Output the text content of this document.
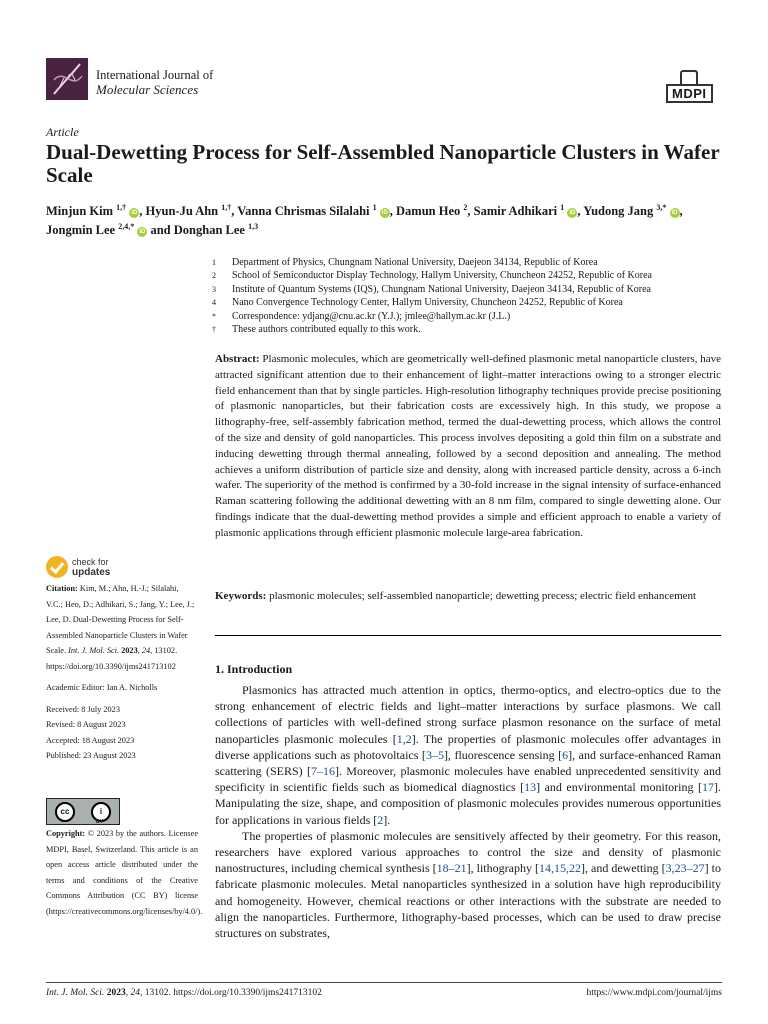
International Journal of
Molecular Sciences	MDPI
Article
Dual-Dewetting Process for Self-Assembled Nanoparticle Clusters in Wafer Scale
Minjun Kim $^{1,\dagger}$ iD , Hyun-Ju Ahn $^{1,\dagger}$, Vanna Chrismas Silalahi $^1$ iD , Damun Heo $^2$, Samir Adhikari $^1$ iD , Yudong Jang $^{3,*}$ iD , Jongmin Lee $^{2,4,*}$ iD and Donghan Lee $^{1,3}$
1	Department of Physics, Chungnam National University, Daejeon 34134, Republic of Korea
2	School of Semiconductor Display Technology, Hallym University, Chuncheon 24252, Republic of Korea
3	Institute of Quantum Systems (IQS), Chungnam National University, Daejeon 34134, Republic of Korea
4	Nano Convergence Technology Center, Hallym University, Chuncheon 24252, Republic of Korea
*	Correspondence: ydjang@cnu.ac.kr (Y.J.); jmlee@hallym.ac.kr (J.L.)
†	These authors contributed equally to this work.
Abstract: Plasmonic molecules, which are geometrically well-defined plasmonic metal nanoparticle clusters, have attracted significant attention due to their enhancement of light–matter interactions owing to a stronger electric field enhancement than that by single particles. High-resolution lithography techniques provide precise positioning of plasmonic nanoparticles, but their fabrication costs are excessively high. In this study, we propose a lithography-free, self-assembly fabrication method, termed the dual-dewetting process, which allows the control of the size and density of gold nanoparticles. This process involves depositing a gold thin film on a substrate and inducing dewetting through thermal annealing, followed by a second deposition and annealing. The method achieves a uniform distribution of particle size and density, along with increased particle density, across a 6-inch wafer. The superiority of the method is confirmed by a 30-fold increase in the signal intensity of surface-enhanced Raman scattering following the additional dewetting with an 8 nm film, compared to single dewetting alone. Our findings indicate that the dual-dewetting method provides a simple and efficient approach to enable a variety of plasmonic applications through efficient plasmonic molecule large-area fabrication.
Keywords: plasmonic molecules; self-assembled nanoparticle; dewetting precess; electric field enhancement
1. Introduction

Plasmonics has attracted much attention in optics, thermo-optics, and electro-optics due to the strong enhancement of electric fields and light–matter interactions by surface plasmons. We call collections of particles with well-defined strong surface plasmon resonance on the surface of metal nanoparticles plasmonic molecules [1,2]. The properties of plasmonic molecules offer advantages in diverse applications such as photovoltaics [3–5], fluorescence sensing [6], and surface-enhanced Raman scattering (SERS) [7–16]. Moreover, plasmonic molecules have enabled unprecedented sensitivity and specificity in scientific fields such as biomedical diagnostics [13] and environmental monitoring [17]. Manipulating the size, shape, and composition of plasmonic molecules provides numerous opportunities for applications in various fields [2].

The properties of plasmonic molecules are sensitively affected by their geometry. For this reason, researchers have explored various approaches to control the size and density of plasmonic nanostructures, including chemical synthesis [18–21], lithography [14,15,22], and dewetting [3,23–27] to fabricate plasmonic molecules. Metal nanoparticles synthesized in a solution have high reproducibility and homogeneity. However, chemical reactions or other interactions with the substrate are needed to align the nanoparticles. Furthermore, lithography-based processes, which can be used to draw precise structures on substrates,

check for
updates

Citation: Kim, M.; Ahn, H.-J.; Silalahi, V.C.; Heo, D.; Adhikari, S.; Jang, Y.; Lee, J.; Lee, D. Dual-Dewetting Process for Self-Assembled Nanoparticle Clusters in Wafer Scale. Int. J. Mol. Sci. 2023, 24, 13102. https://doi.org/10.3390/ijms241713102

Academic Editor: Ian A. Nicholls

Received: 8 July 2023

Revised: 8 August 2023

Accepted: 18 August 2023

Published: 23 August 2023

cc	i
BY
Copyright: © 2023 by the authors. Licensee MDPI, Basel, Switzerland. This article is an open access article distributed under the terms and conditions of the Creative Commons Attribution (CC BY) license (https://creativecommons.org/licenses/by/4.0/).
Int. J. Mol. Sci. 2023, 24, 13102. https://doi.org/10.3390/ijms241713102	https://www.mdpi.com/journal/ijms
